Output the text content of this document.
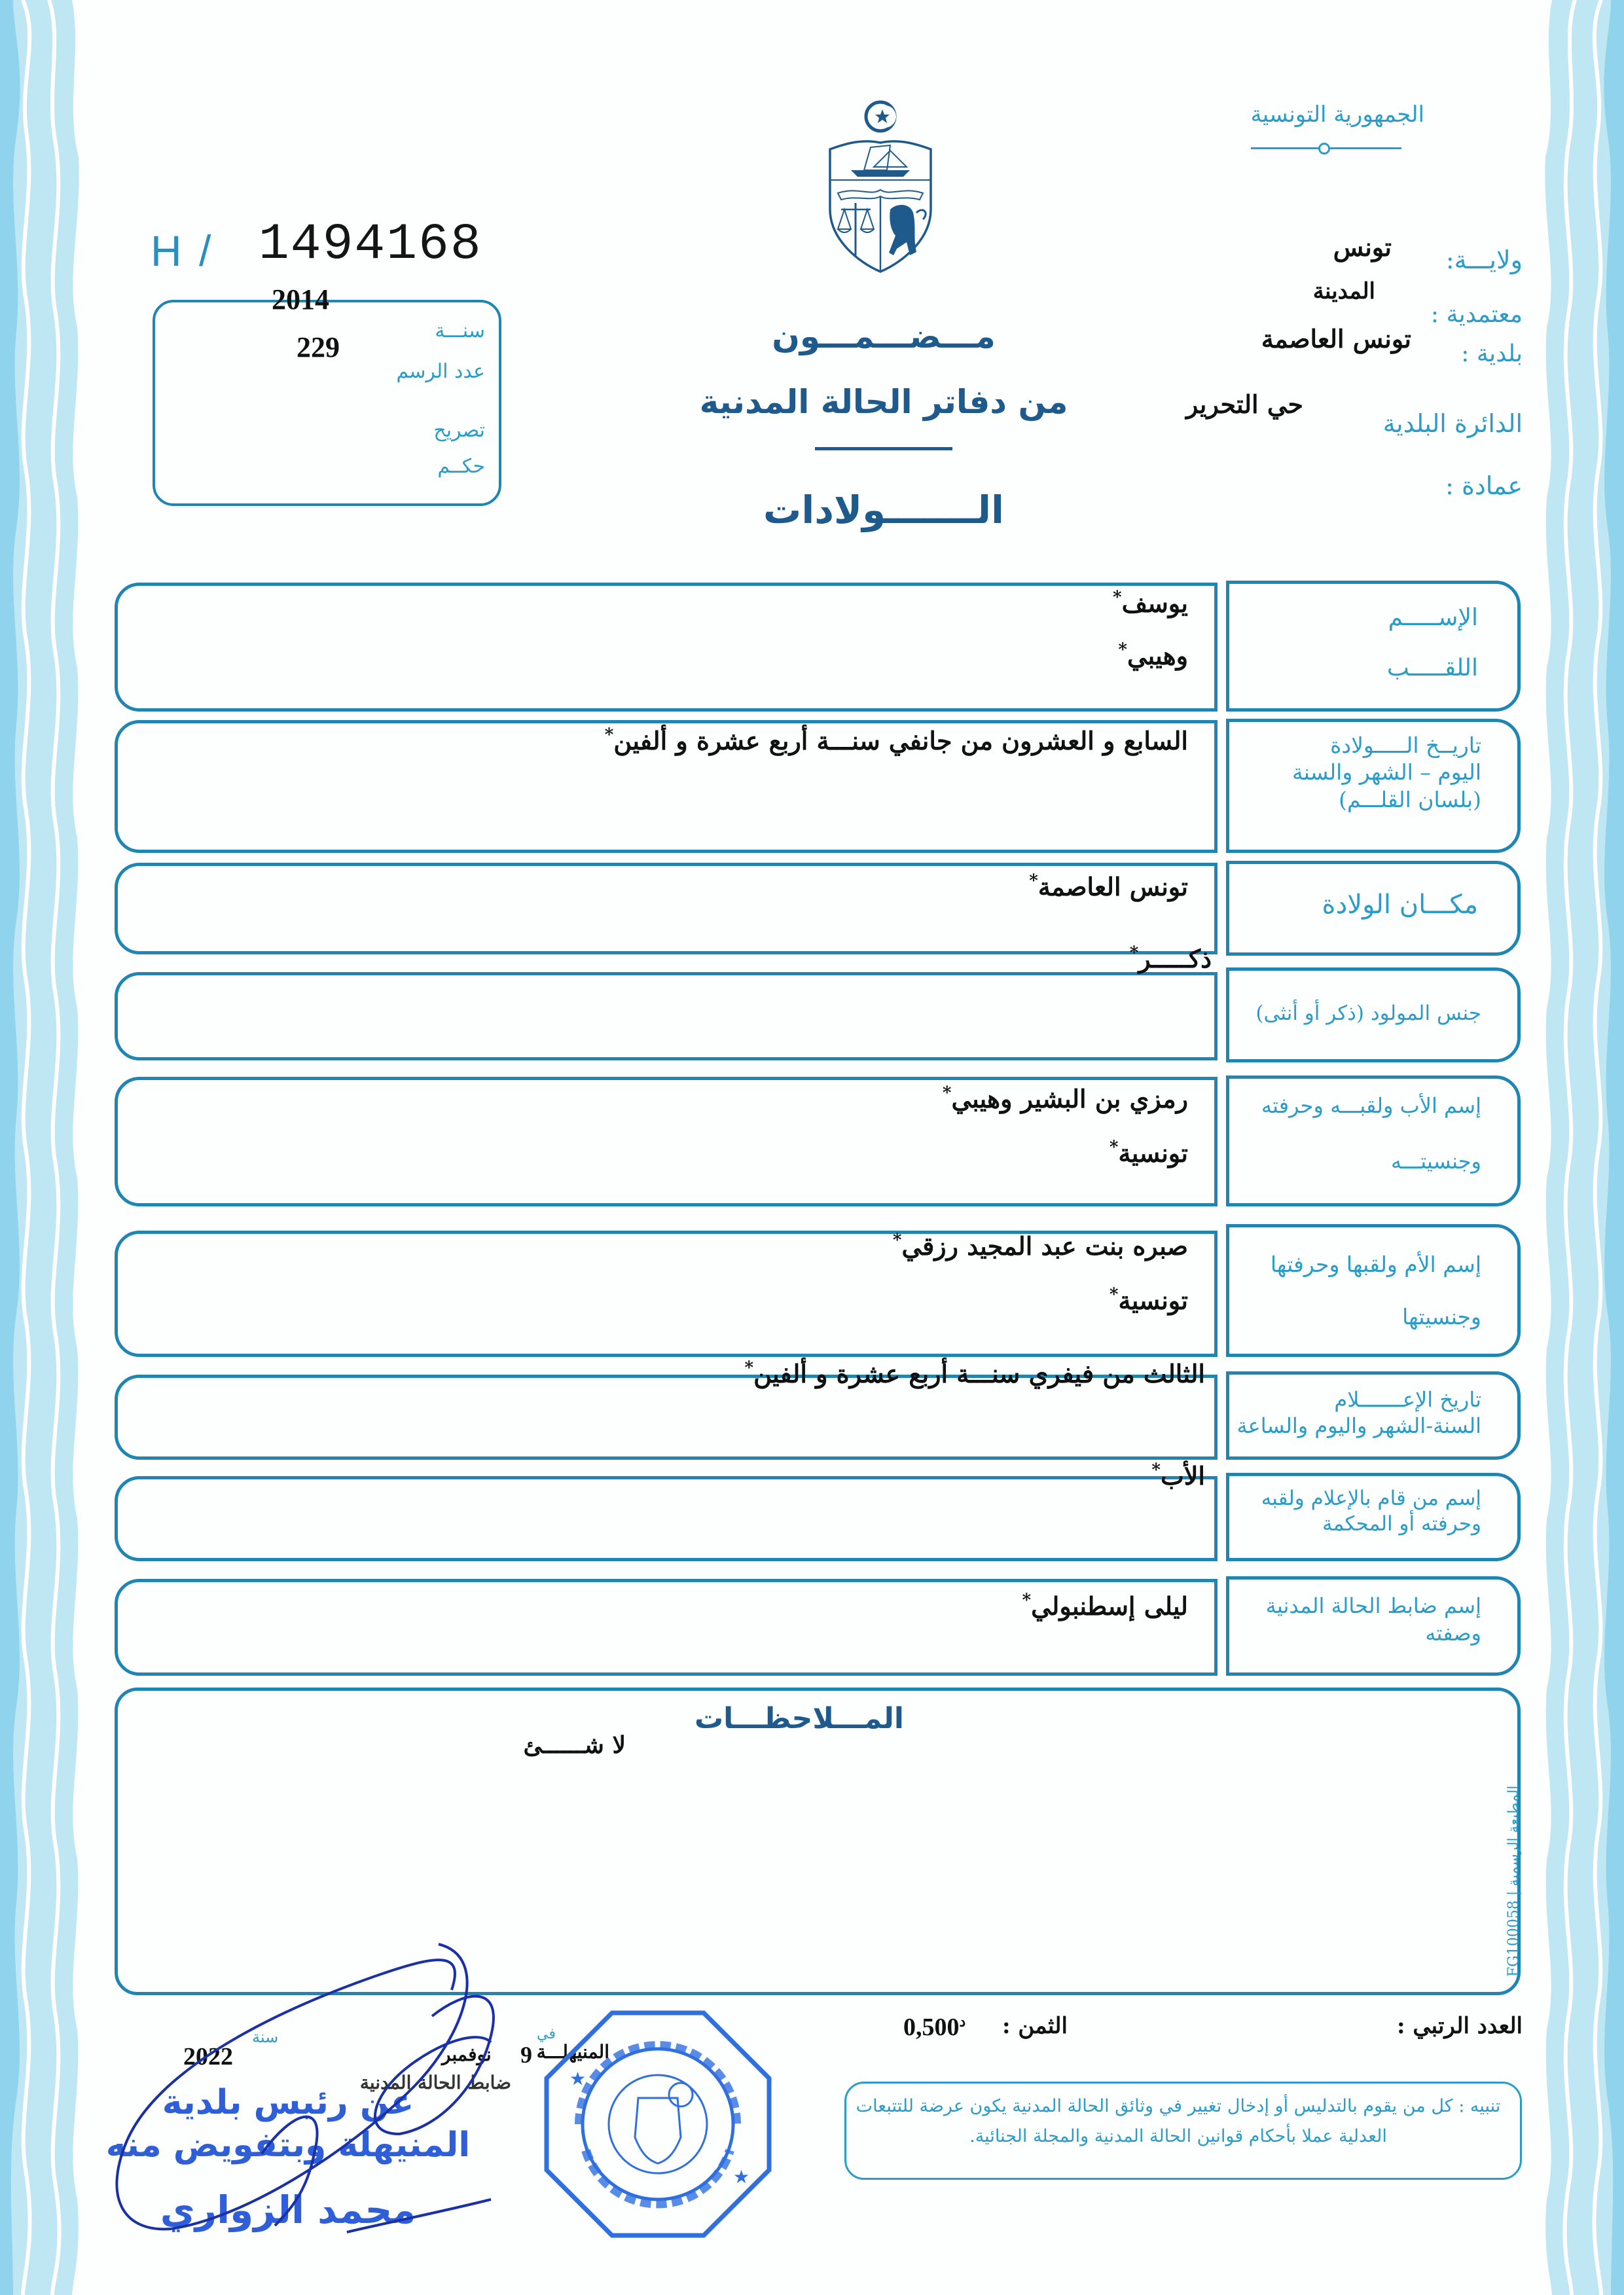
الجمهورية التونسية
H / 1494168
2014
سنـــة
229
عدد الرسم
تصريح
حكــم
ولايـــة:
تونس
المدينة
معتمدية :
تونس العاصمة
بلدية :
حي التحرير
الدائرة البلدية
عمادة :
مـــضـــمـــون
من دفاتر الحالة المدنية
الـــــــولادات
يوسف*
وهيبي*
الإســـــم
اللقـــــب
السابع و العشرون من جانفي سنـــة أربع عشرة و ألفين*	تاريــخ الـــــولادة
اليوم – الشهر والسنة
(بلسان القلـــم)
تونس العاصمة*
مكـــان الولادة
ذكـــــر*
جنس المولود (ذكر أو أنثى)
رمزي بن البشير وهيبي*
تونسية*
إسم الأب ولقبـــه وحرفته
وجنسيتـــه
صبره بنت عبد المجيد رزقي*
تونسية*
إسم الأم ولقبها وحرفتها
وجنسيتها
الثالث من فيفري سنـــة أربع عشرة و ألفين*
تاريخ الإعـــــــلام
السنة-الشهر واليوم والساعة
الأب*
إسم من قام بالإعلام ولقبه
وحرفته أو المحكمة
ليلى إسطنبولي*	إسم ضابط الحالة المدنية
وصفته
المـــلاحظـــات
لا شــــــئ
المطبعة الرسمية | FG100058
العدد الرتبي :
الثمن :
$0,500^د$
تنبيه : كل من يقوم بالتدليس أو إدخال تغيير في وثائق الحالة المدنية يكون عرضة للتتبعات العدلية عملا بأحكام قوانين الحالة المدنية والمجلة الجنائية.
المنيهلـــة
في
9
نوفمبر
سنة
2022
ضابط الحالة المدنية
عن رئيس بلدية المنيهلة وبتفويض منه
محمد الزواري
★
★
